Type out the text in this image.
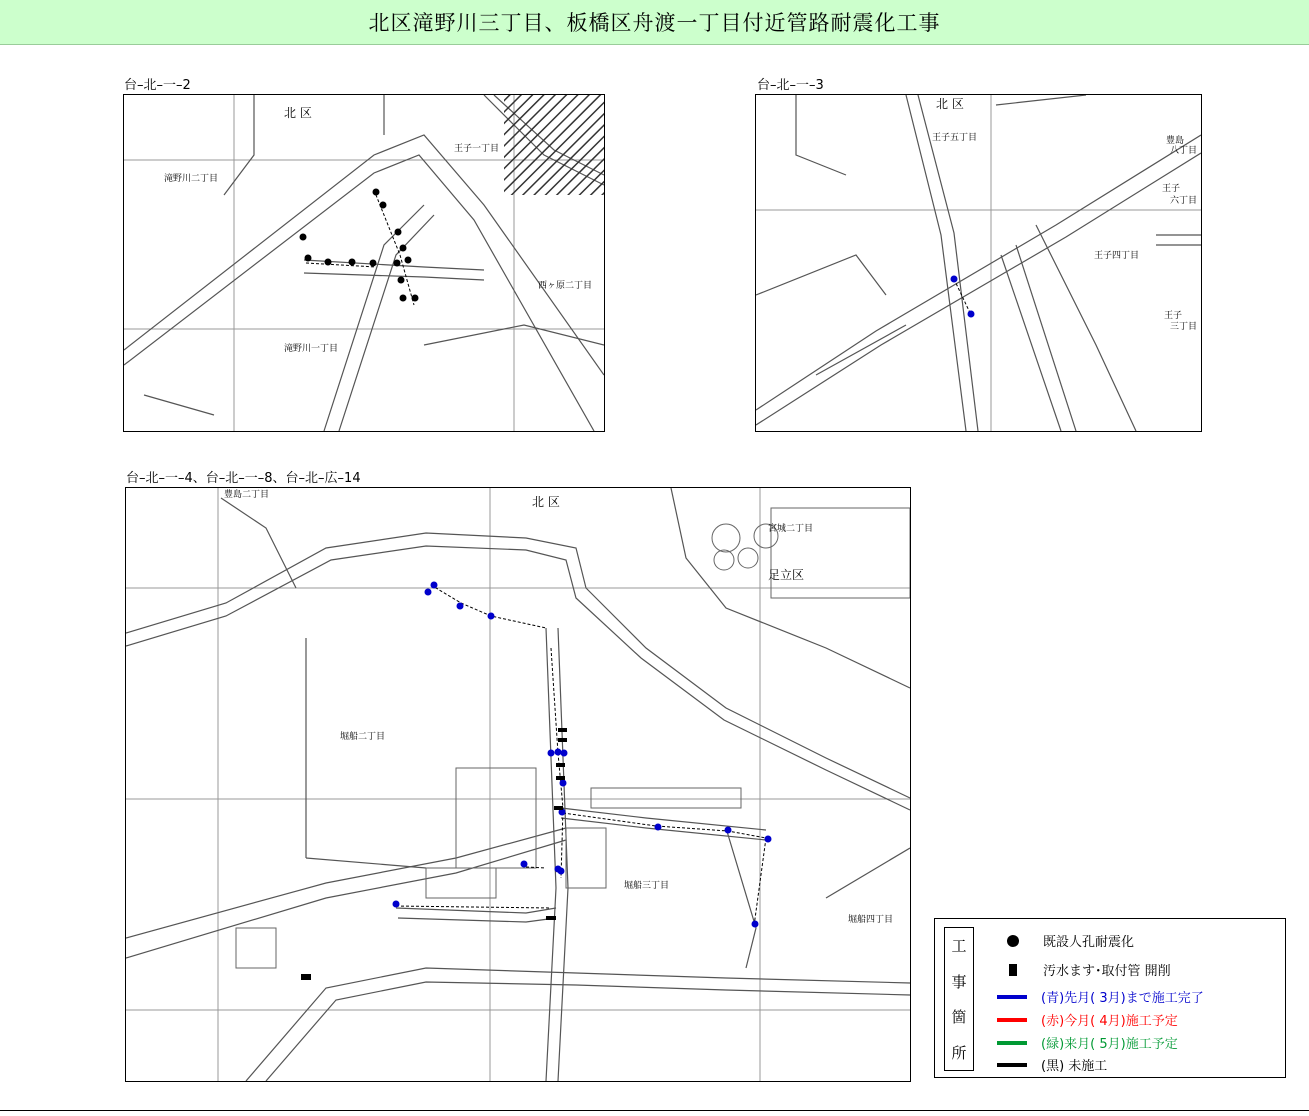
北区滝野川三丁目、板橋区舟渡一丁目付近管路耐震化工事
台–北–一–2
北 区
王子一丁目
滝野川二丁目
西ヶ原二丁目
滝野川一丁目
台–北–一–3
北 区
王子五丁目	豊島
八丁目
王子
六丁目
王子四丁目
王子
三丁目
台–北–一–4、台–北–一–8、台–北–広–14
豊島二丁目	北 区
宮城二丁目
足立区
堀船二丁目
堀船三丁目
堀船四丁目
工
事
箇
所
既設人孔耐震化
汚水ます･取付管 開削
(青)先月( 3月)まで施工完了
(赤)今月( 4月)施工予定
(緑)来月( 5月)施工予定
(黒) 未施工
